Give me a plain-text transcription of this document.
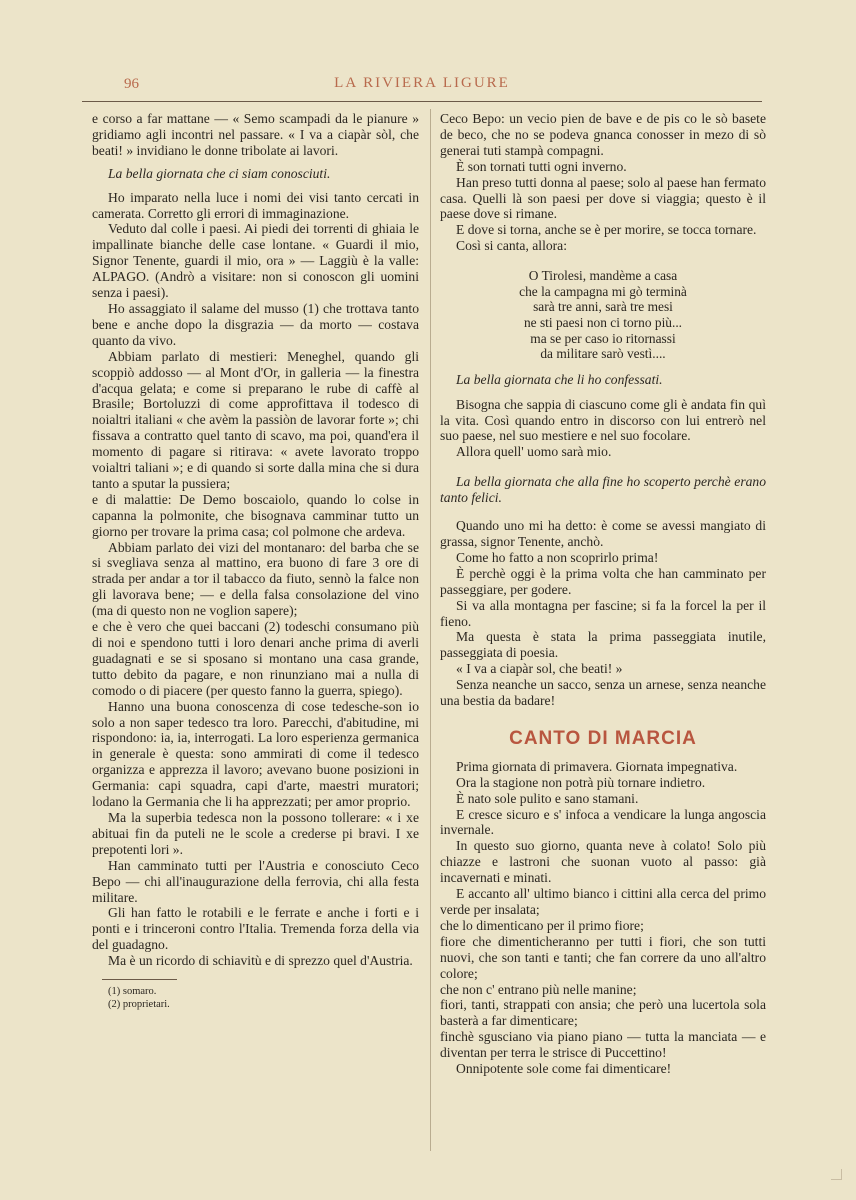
96	LA RIVIERA LIGURE

e corso a far mattane — « Semo scampadi da le pianure » gridiamo agli incontri nel passare. « I va a ciapàr sòl, che beati! » invidiano le donne tribolate ai lavori.

La bella giornata che ci siam conosciuti.

Ho imparato nella luce i nomi dei visi tanto cercati in camerata. Corretto gli errori di immaginazione.

Veduto dal colle i paesi. Ai piedi dei torrenti di ghiaia le impallinate bianche delle case lontane. « Guardi il mio, Signor Tenente, guardi il mio, ora » — Laggiù è la valle: ALPAGO. (Andrò a visitare: non si conoscon gli uomini senza i paesi).

Ho assaggiato il salame del musso (1) che trottava tanto bene e anche dopo la disgrazia — da morto — costava quanto da vivo.

Abbiam parlato di mestieri: Meneghel, quando gli scoppiò addosso — al Mont d'Or, in galleria — la finestra d'acqua gelata; e come si preparano le rube di caffè al Brasile; Bortoluzzi di come approfittava il todesco di noialtri italiani « che avèm la passiòn de lavorar forte »; chi fissava a contratto quel tanto di scavo, ma poi, quand'era il momento di pagare si ritirava: « avete lavorato troppo voialtri taliani »; e di quando si sorte dalla mina che si dura tanto a sputar la pussiera;

e di malattie: De Demo boscaiolo, quando lo colse in capanna la polmonite, che bisognava camminar tutto un giorno per trovare la prima casa; col polmone che ardeva.

Abbiam parlato dei vizi del montanaro: del barba che se si svegliava senza al mattino, era buono di fare 3 ore di strada per andar a tor il tabacco da fiuto, sennò la falce non gli lavorava bene; — e della falsa consolazione del vino (ma di questo non ne voglion sapere);

e che è vero che quei baccani (2) todeschi consumano più di noi e spendono tutti i loro denari anche prima di averli guadagnati e se si sposano si montano una casa grande, tutto debito da pagare, e non rinunziano mai a nulla di comodo o di piacere (per questo fanno la guerra, spiego).

Hanno una buona conoscenza di cose tedesche-son io solo a non saper tedesco tra loro. Parecchi, d'abitudine, mi rispondono: ia, ia, interrogati. La loro esperienza germanica in generale è questa: sono ammirati di come il tedesco organizza e apprezza il lavoro; avevano buone posizioni in Germania: capi squadra, capi d'arte, maestri muratori; lodano la Germania che li ha apprezzati; per amor proprio.

Ma la superbia tedesca non la possono tollerare: « i xe abituai fin da puteli ne le scole a crederse pi bravi. I xe prepotenti lori ».

Han camminato tutti per l'Austria e conosciuto Ceco Bepo — chi all'inaugurazione della ferrovia, chi alla festa militare.

Gli han fatto le rotabili e le ferrate e anche i forti e i ponti e i trinceroni contro l'Italia. Tremenda forza della via del guadagno.

Ma è un ricordo di schiavitù e di sprezzo quel d'Austria.

(1) somaro.

(2) proprietari.

Ceco Bepo: un vecio pien de bave e de pis co le sò basete de beco, che no se podeva gnanca conosser in mezo di sò generai tuti stampà compagni.

È son tornati tutti ogni inverno.

Han preso tutti donna al paese; solo al paese han fermato casa. Quelli là son paesi per dove si viaggia; questo è il paese dove si rimane.

E dove si torna, anche se è per morire, se tocca tornare.

Così si canta, allora:

O Tirolesi, mandème a casa
che la campagna mi gò terminà
sarà tre anni, sarà tre mesi
ne sti paesi non ci torno più...
ma se per caso io ritornassi
da militare sarò vestì....

La bella giornata che li ho confessati.

Bisogna che sappia di ciascuno come gli è andata fin quì la vita. Così quando entro in discorso con lui entrerò nel suo paese, nel suo mestiere e nel suo focolare.

Allora quell' uomo sarà mio.

La bella giornata che alla fine ho scoperto perchè erano tanto felici.

Quando uno mi ha detto: è come se avessi mangiato di grassa, signor Tenente, anchò.

Come ho fatto a non scoprirlo prima!

È perchè oggi è la prima volta che han camminato per passeggiare, per godere.

Si va alla montagna per fascine; si fa la forcel la per il fieno.

Ma questa è stata la prima passeggiata inutile, passeggiata di poesia.

« I va a ciapàr sol, che beati! »

Senza neanche un sacco, senza un arnese, senza neanche una bestia da badare!

CANTO DI MARCIA

Prima giornata di primavera. Giornata impegnativa.

Ora la stagione non potrà più tornare indietro.

È nato sole pulito e sano stamani.

E cresce sicuro e s' infoca a vendicare la lunga angoscia invernale.

In questo suo giorno, quanta neve à colato! Solo più chiazze e lastroni che suonan vuoto al passo: già incavernati e minati.

E accanto all' ultimo bianco i cittini alla cerca del primo verde per insalata;

che lo dimenticano per il primo fiore;

fiore che dimenticheranno per tutti i fiori, che son tutti nuovi, che son tanti e tanti; che fan correre da uno all'altro colore;

che non c' entrano più nelle manine;

fiori, tanti, strappati con ansia; che però una lucertola sola basterà a far dimenticare;

finchè sgusciano via piano piano — tutta la manciata — e diventan per terra le strisce di Puccettino!

Onnipotente sole come fai dimenticare!
